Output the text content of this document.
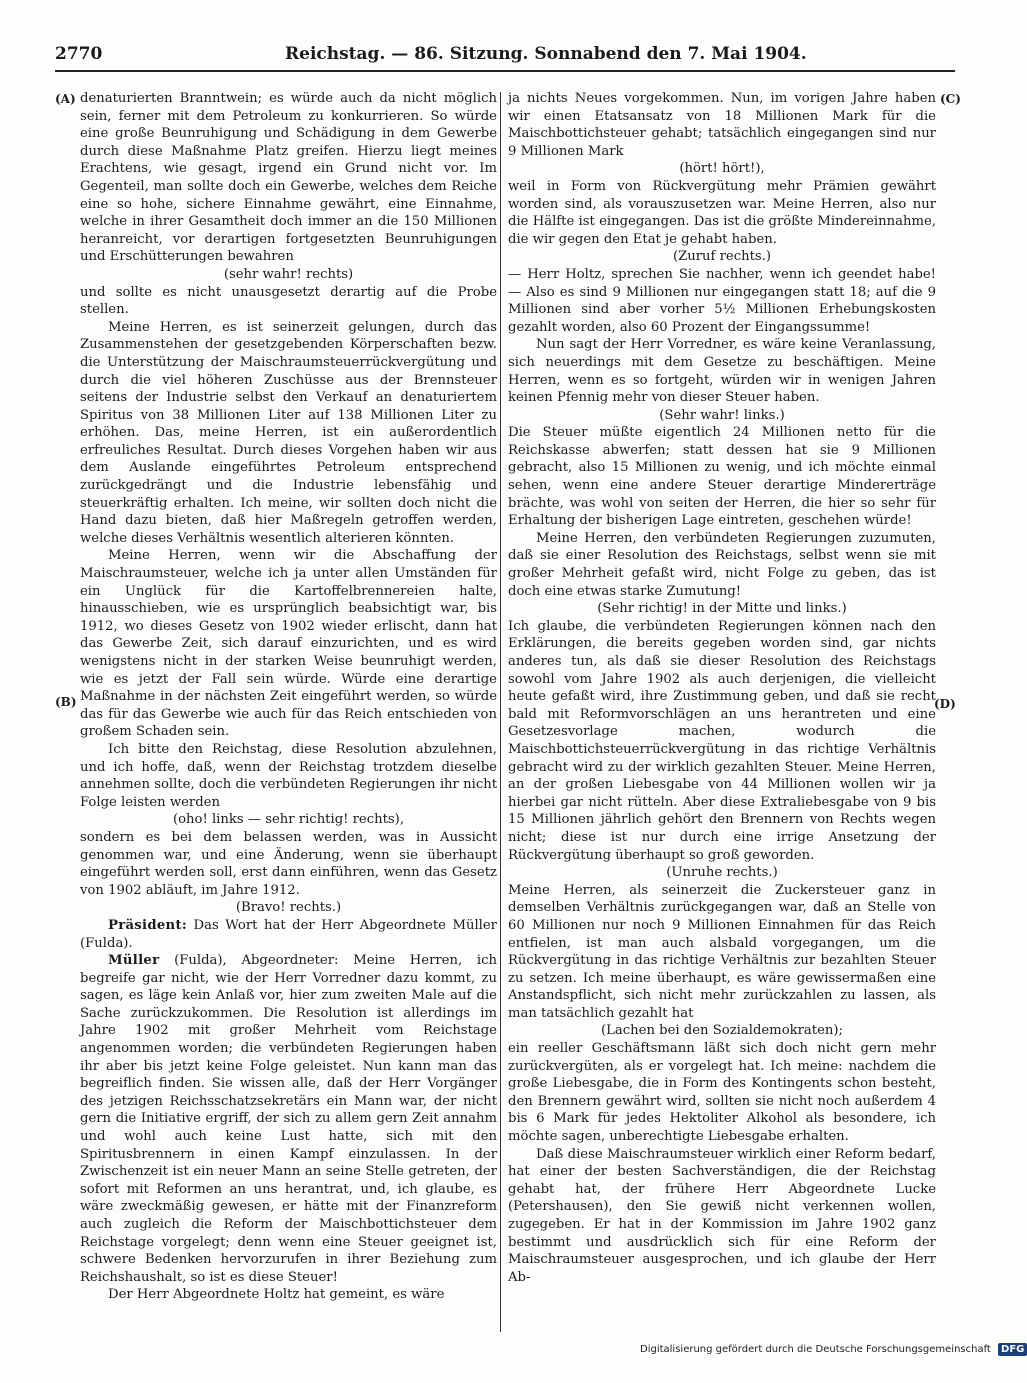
2770	Reichstag. — 86. Sitzung. Sonnabend den 7. Mai 1904.
(A)
(B)
(C)
(D)

denaturierten Branntwein; es würde auch da nicht möglich sein, ferner mit dem Petroleum zu konkurrieren. So würde eine große Beunruhigung und Schädigung in dem Gewerbe durch diese Maßnahme Platz greifen. Hierzu liegt meines Erachtens, wie gesagt, irgend ein Grund nicht vor. Im Gegenteil, man sollte doch ein Gewerbe, welches dem Reiche eine so hohe, sichere Einnahme gewährt, eine Einnahme, welche in ihrer Gesamtheit doch immer an die 150 Millionen heranreicht, vor derartigen fortgesetzten Beunruhigungen und Erschütterungen bewahren

(sehr wahr! rechts)

und sollte es nicht unausgesetzt derartig auf die Probe stellen.

Meine Herren, es ist seinerzeit gelungen, durch das Zusammenstehen der gesetzgebenden Körperschaften bezw. die Unterstützung der Maischraumsteuerrückvergütung und durch die viel höheren Zuschüsse aus der Brennsteuer seitens der Industrie selbst den Verkauf an denaturiertem Spiritus von 38 Millionen Liter auf 138 Millionen Liter zu erhöhen. Das, meine Herren, ist ein außerordentlich erfreuliches Resultat. Durch dieses Vorgehen haben wir aus dem Auslande eingeführtes Petroleum entsprechend zurückgedrängt und die Industrie lebensfähig und steuerkräftig erhalten. Ich meine, wir sollten doch nicht die Hand dazu bieten, daß hier Maßregeln getroffen werden, welche dieses Verhältnis wesentlich alterieren könnten.

Meine Herren, wenn wir die Abschaffung der Maischraumsteuer, welche ich ja unter allen Umständen für ein Unglück für die Kartoffelbrennereien halte, hinausschieben, wie es ursprünglich beabsichtigt war, bis 1912, wo dieses Gesetz von 1902 wieder erlischt, dann hat das Gewerbe Zeit, sich darauf einzurichten, und es wird wenigstens nicht in der starken Weise beunruhigt werden, wie es jetzt der Fall sein würde. Würde eine derartige Maßnahme in der nächsten Zeit eingeführt werden, so würde das für das Gewerbe wie auch für das Reich entschieden von großem Schaden sein.

Ich bitte den Reichstag, diese Resolution abzulehnen, und ich hoffe, daß, wenn der Reichstag trotzdem dieselbe annehmen sollte, doch die verbündeten Regierungen ihr nicht Folge leisten werden

(oho! links — sehr richtig! rechts),

sondern es bei dem belassen werden, was in Aussicht genommen war, und eine Änderung, wenn sie überhaupt eingeführt werden soll, erst dann einführen, wenn das Gesetz von 1902 abläuft, im Jahre 1912.

(Bravo! rechts.)

Präsident: Das Wort hat der Herr Abgeordnete Müller (Fulda).

Müller (Fulda), Abgeordneter: Meine Herren, ich begreife gar nicht, wie der Herr Vorredner dazu kommt, zu sagen, es läge kein Anlaß vor, hier zum zweiten Male auf die Sache zurückzukommen. Die Resolution ist allerdings im Jahre 1902 mit großer Mehrheit vom Reichstage angenommen worden; die verbündeten Regierungen haben ihr aber bis jetzt keine Folge geleistet. Nun kann man das begreiflich finden. Sie wissen alle, daß der Herr Vorgänger des jetzigen Reichsschatzsekretärs ein Mann war, der nicht gern die Initiative ergriff, der sich zu allem gern Zeit annahm und wohl auch keine Lust hatte, sich mit den Spiritusbrennern in einen Kampf einzulassen. In der Zwischenzeit ist ein neuer Mann an seine Stelle getreten, der sofort mit Reformen an uns herantrat, und, ich glaube, es wäre zweckmäßig gewesen, er hätte mit der Finanzreform auch zugleich die Reform der Maischbottichsteuer dem Reichstage vorgelegt; denn wenn eine Steuer geeignet ist, schwere Bedenken hervorzurufen in ihrer Beziehung zum Reichshaushalt, so ist es diese Steuer!

Der Herr Abgeordnete Holtz hat gemeint, es wäre

ja nichts Neues vorgekommen. Nun, im vorigen Jahre haben wir einen Etatsansatz von 18 Millionen Mark für die Maischbottichsteuer gehabt; tatsächlich eingegangen sind nur 9 Millionen Mark

(hört! hört!),

weil in Form von Rückvergütung mehr Prämien gewährt worden sind, als vorauszusetzen war. Meine Herren, also nur die Hälfte ist eingegangen. Das ist die größte Mindereinnahme, die wir gegen den Etat je gehabt haben.

(Zuruf rechts.)

— Herr Holtz, sprechen Sie nachher, wenn ich geendet habe! — Also es sind 9 Millionen nur eingegangen statt 18; auf die 9 Millionen sind aber vorher 5½ Millionen Erhebungskosten gezahlt worden, also 60 Prozent der Eingangssumme!

Nun sagt der Herr Vorredner, es wäre keine Veranlassung, sich neuerdings mit dem Gesetze zu beschäftigen. Meine Herren, wenn es so fortgeht, würden wir in wenigen Jahren keinen Pfennig mehr von dieser Steuer haben.

(Sehr wahr! links.)

Die Steuer müßte eigentlich 24 Millionen netto für die Reichskasse abwerfen; statt dessen hat sie 9 Millionen gebracht, also 15 Millionen zu wenig, und ich möchte einmal sehen, wenn eine andere Steuer derartige Mindererträge brächte, was wohl von seiten der Herren, die hier so sehr für Erhaltung der bisherigen Lage eintreten, geschehen würde!

Meine Herren, den verbündeten Regierungen zuzumuten, daß sie einer Resolution des Reichstags, selbst wenn sie mit großer Mehrheit gefaßt wird, nicht Folge zu geben, das ist doch eine etwas starke Zumutung!

(Sehr richtig! in der Mitte und links.)

Ich glaube, die verbündeten Regierungen können nach den Erklärungen, die bereits gegeben worden sind, gar nichts anderes tun, als daß sie dieser Resolution des Reichstags sowohl vom Jahre 1902 als auch derjenigen, die vielleicht heute gefaßt wird, ihre Zustimmung geben, und daß sie recht bald mit Reformvorschlägen an uns herantreten und eine Gesetzesvorlage machen, wodurch die Maischbottichsteuerrückvergütung in das richtige Verhältnis gebracht wird zu der wirklich gezahlten Steuer. Meine Herren, an der großen Liebesgabe von 44 Millionen wollen wir ja hierbei gar nicht rütteln. Aber diese Extraliebesgabe von 9 bis 15 Millionen jährlich gehört den Brennern von Rechts wegen nicht; diese ist nur durch eine irrige Ansetzung der Rückvergütung überhaupt so groß geworden.

(Unruhe rechts.)

Meine Herren, als seinerzeit die Zuckersteuer ganz in demselben Verhältnis zurückgegangen war, daß an Stelle von 60 Millionen nur noch 9 Millionen Einnahmen für das Reich entfielen, ist man auch alsbald vorgegangen, um die Rückvergütung in das richtige Verhältnis zur bezahlten Steuer zu setzen. Ich meine überhaupt, es wäre gewissermaßen eine Anstandspflicht, sich nicht mehr zurückzahlen zu lassen, als man tatsächlich gezahlt hat

(Lachen bei den Sozialdemokraten);

ein reeller Geschäftsmann läßt sich doch nicht gern mehr zurückvergüten, als er vorgelegt hat. Ich meine: nachdem die große Liebesgabe, die in Form des Kontingents schon besteht, den Brennern gewährt wird, sollten sie nicht noch außerdem 4 bis 6 Mark für jedes Hektoliter Alkohol als besondere, ich möchte sagen, unberechtigte Liebesgabe erhalten.

Daß diese Maischraumsteuer wirklich einer Reform bedarf, hat einer der besten Sachverständigen, die der Reichstag gehabt hat, der frühere Herr Abgeordnete Lucke (Petershausen), den Sie gewiß nicht verkennen wollen, zugegeben. Er hat in der Kommission im Jahre 1902 ganz bestimmt und ausdrücklich sich für eine Reform der Maischraumsteuer ausgesprochen, und ich glaube der Herr Ab-

Digitalisierung gefördert durch die Deutsche Forschungsgemeinschaft DFG
